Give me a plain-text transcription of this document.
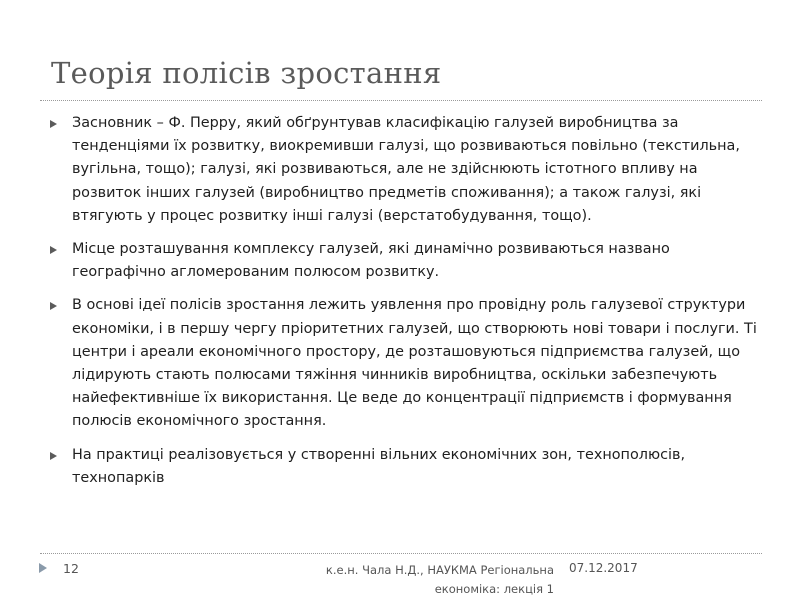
Теорія полісів зростання
Засновник – Ф. Перру, який обґрунтував класифікацію галузей виробництва за тенденціями їх розвитку, виокремивши галузі, що розвиваються повільно (текстильна, вугільна, тощо); галузі, які розвиваються, але не здійснюють істотного впливу на розвиток інших галузей (виробництво предметів споживання); а також галузі, які втягують у процес розвитку інші галузі (верстатобудування, тощо).
Місце розташування комплексу галузей, які динамічно розвиваються названо географічно агломерованим полюсом розвитку.
В основі ідеї полісів зростання лежить уявлення про провідну роль галузевої структури економіки, і в першу чергу пріоритетних галузей, що створюють нові товари і послуги. Ті центри і ареали економічного простору, де розташовуються підприємства галузей, що лідирують стають полюсами тяжіння чинників виробництва, оскільки забезпечують найефективніше їх використання. Це веде до концентрації підприємств і формування полюсів економічного зростання.
На практиці реалізовується у створенні вільних економічних зон, технополюсів, технопарків
12	к.е.н. Чала Н.Д., НАУКМА Регіональна економіка: лекція 1
07.12.2017
